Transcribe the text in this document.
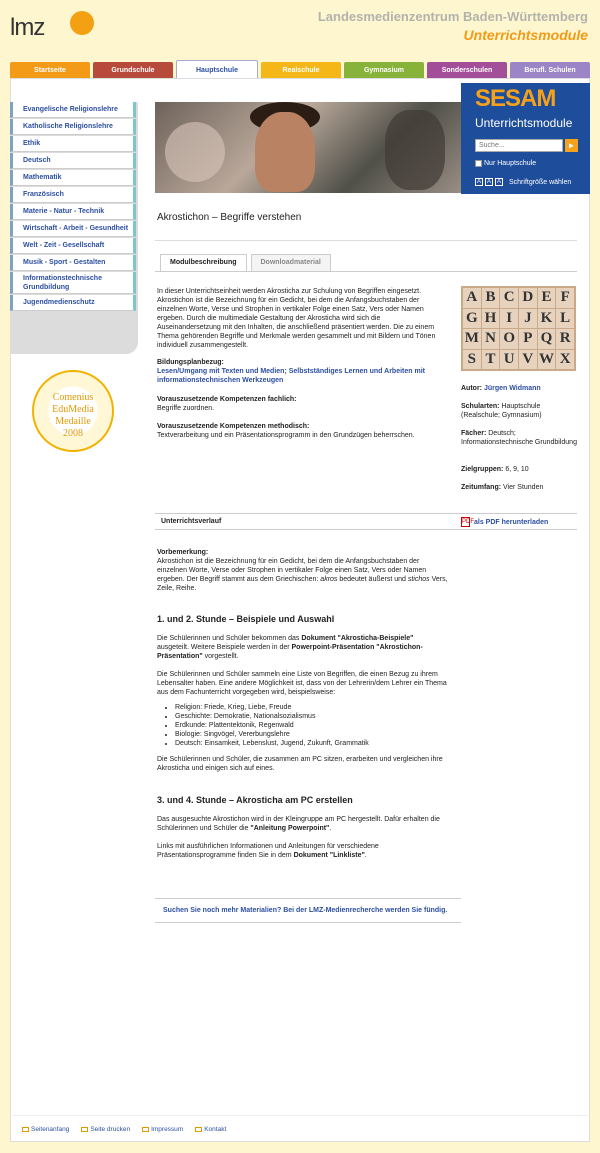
lmz	Landesmedienzentrum Baden-Württemberg
Unterrichtsmodule
Startseite	Grundschule	Hauptschule	Realschule	Gymnasium	Sonderschulen	Berufl. Schulen
Evangelische Religionslehre
Katholische Religionslehre
Ethik
Deutsch
Mathematik
Französisch
Materie - Natur - Technik
Wirtschaft - Arbeit - Gesundheit
Welt - Zeit - Gesellschaft
Musik - Sport - Gestalten
Informationstechnische Grundbildung
Jugendmedienschutz
Comenius
EduMedia
Medaille
2008
SESAM
Unterrichtsmodule
Suche...
►
Nur Hauptschule
A A A Schriftgröße wählen
Akrostichon – Begriffe verstehen
Modulbeschreibung	Downloadmaterial
In dieser Unterrichtseinheit werden Akrosticha zur Schulung von Begriffen eingesetzt. Akrostichon ist die Bezeichnung für ein Gedicht, bei dem die Anfangsbuchstaben der einzelnen Worte, Verse und Strophen in vertikaler Folge einen Satz, Vers oder Namen ergeben. Durch die multimediale Gestaltung der Akrosticha wird sich die Auseinandersetzung mit den Inhalten, die anschließend präsentiert werden. Die zu einem Thema gehörenden Begriffe und Merkmale werden gesammelt und mit Bildern und Tönen individuell zusammengestellt.
Bildungsplanbezug:
Lesen/Umgang mit Texten und Medien; Selbstständiges Lernen und Arbeiten mit informationstechnischen Werkzeugen
Vorauszusetzende Kompetenzen fachlich:
Begriffe zuordnen.
Vorauszusetzende Kompetenzen methodisch:
Textverarbeitung und ein Präsentationsprogramm in den Grundzügen beherrschen.
A B C D E F
G H I J K L
M N O P Q R
S T U V W X
Autor: Jürgen Widmann
Schularten: Hauptschule (Realschule; Gymnasium)
Fächer: Deutsch; Informationstechnische Grundbildung
Zielgruppen: 6, 9, 10
Zeitumfang: Vier Stunden
Unterrichtsverlauf	PDF als PDF herunterladen
Vorbemerkung:
Akrostichon ist die Bezeichnung für ein Gedicht, bei dem die Anfangsbuchstaben der einzelnen Worte, Verse oder Strophen in vertikaler Folge einen Satz, Vers oder Namen ergeben. Der Begriff stammt aus dem Griechischen: akros bedeutet äußerst und stichos Vers, Zeile, Reihe.
1. und 2. Stunde – Beispiele und Auswahl
Die Schülerinnen und Schüler bekommen das Dokument "Akrosticha-Beispiele" ausgeteilt. Weitere Beispiele werden in der Powerpoint-Präsentation "Akrostichon-Präsentation" vorgestellt.
Die Schülerinnen und Schüler sammeln eine Liste von Begriffen, die einen Bezug zu ihrem Lebensalter haben. Eine andere Möglichkeit ist, dass von der Lehrerin/dem Lehrer ein Thema aus dem Fachunterricht vorgegeben wird, beispielsweise:
• Religion: Friede, Krieg, Liebe, Freude
• Geschichte: Demokratie, Nationalsozialismus
• Erdkunde: Plattentektonik, Regenwald
• Biologie: Singvögel, Vererbungslehre
• Deutsch: Einsamkeit, Lebenslust, Jugend, Zukunft, Grammatik
Die Schülerinnen und Schüler, die zusammen am PC sitzen, erarbeiten und vergleichen ihre Akrosticha und einigen sich auf eines.
3. und 4. Stunde – Akrosticha am PC erstellen
Das ausgesuchte Akrostichon wird in der Kleingruppe am PC hergestellt. Dafür erhalten die Schülerinnen und Schüler die "Anleitung Powerpoint".
Links mit ausführlichen Informationen und Anleitungen für verschiedene Präsentationsprogramme finden Sie in dem Dokument "Linkliste".
Suchen Sie noch mehr Materialien? Bei der LMZ-Medienrecherche werden Sie fündig.
Seitenanfang	Seite drucken	Impressum	Kontakt
